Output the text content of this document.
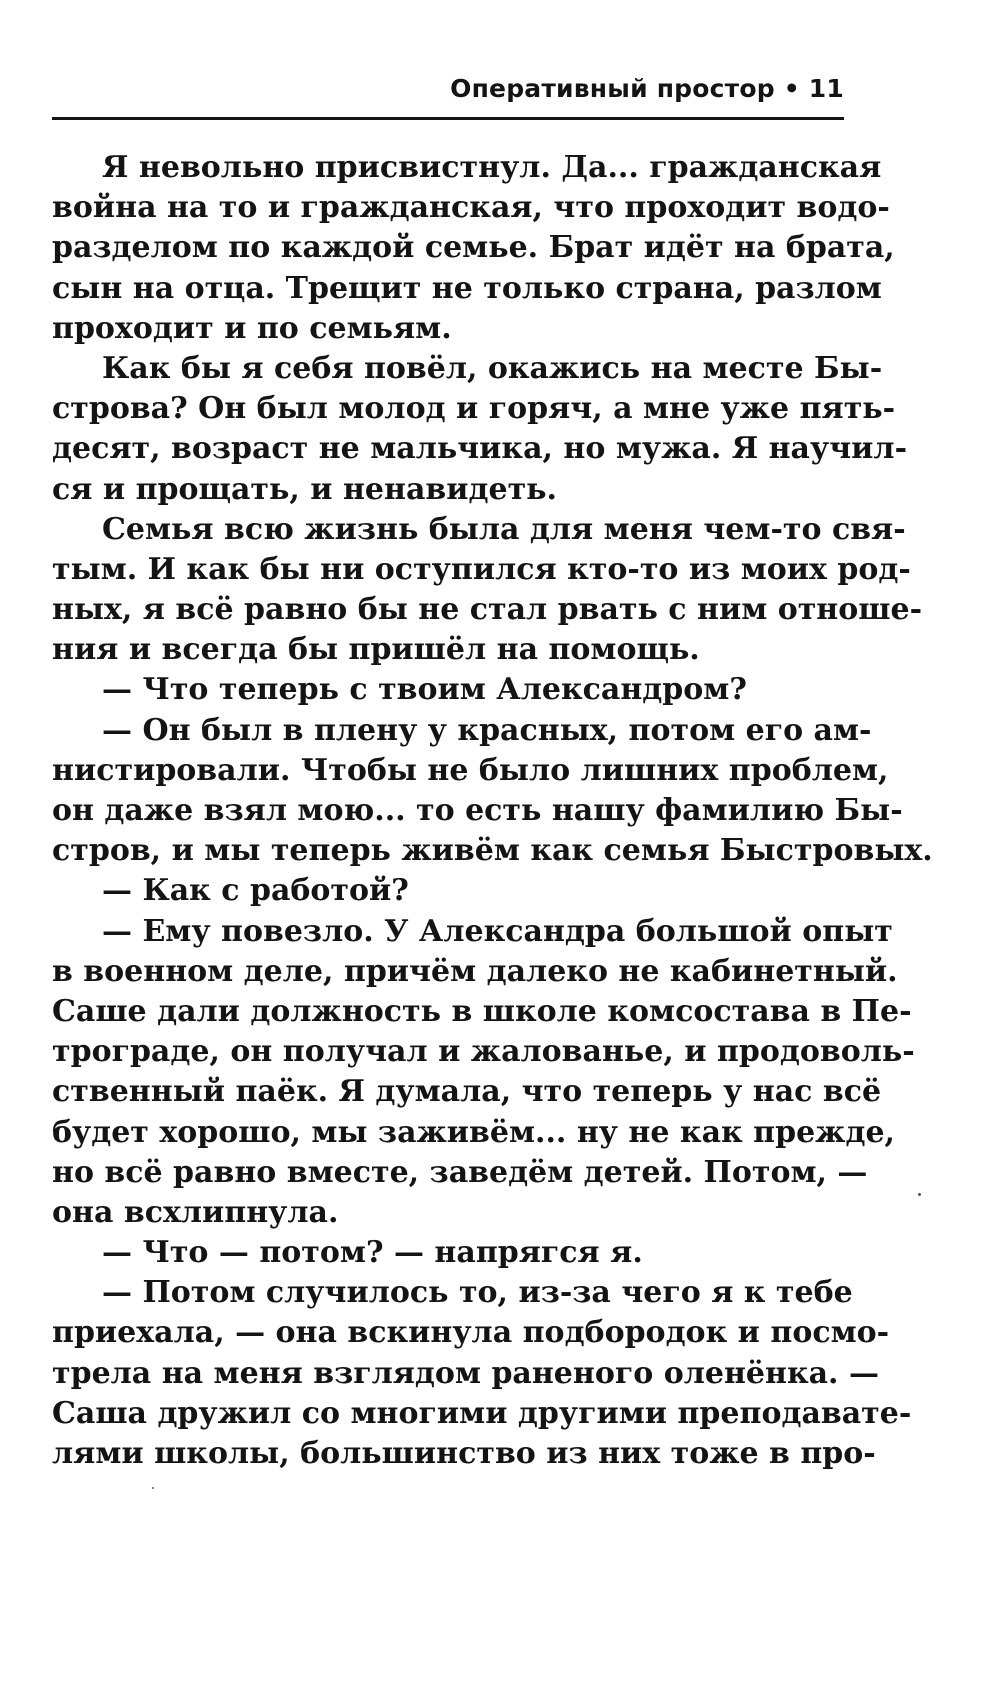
Оперативный простор • 11
Я невольно присвистнул. Да... гражданская
война на то и гражданская, что проходит водо-
разделом по каждой семье. Брат идёт на брата,
сын на отца. Трещит не только страна, разлом
проходит и по семьям.
Как бы я себя повёл, окажись на месте Бы-
строва? Он был молод и горяч, а мне уже пять-
десят, возраст не мальчика, но мужа. Я научил-
ся и прощать, и ненавидеть.
Семья всю жизнь была для меня чем-то свя-
тым. И как бы ни оступился кто-то из моих род-
ных, я всё равно бы не стал рвать с ним отноше-
ния и всегда бы пришёл на помощь.
— Что теперь с твоим Александром?
— Он был в плену у красных, потом его ам-
нистировали. Чтобы не было лишних проблем,
он даже взял мою... то есть нашу фамилию Бы-
стров, и мы теперь живём как семья Быстровых.
— Как с работой?
— Ему повезло. У Александра большой опыт
в военном деле, причём далеко не кабинетный.
Саше дали должность в школе комсостава в Пе-
трограде, он получал и жалованье, и продоволь-
ственный паёк. Я думала, что теперь у нас всё
будет хорошо, мы заживём... ну не как прежде,
но всё равно вместе, заведём детей. Потом, —
она всхлипнула.
— Что — потом? — напрягся я.
— Потом случилось то, из-за чего я к тебе
приехала, — она вскинула подбородок и посмо-
трела на меня взглядом раненого оленёнка. —
Саша дружил со многими другими преподавате-
лями школы, большинство из них тоже в про-
